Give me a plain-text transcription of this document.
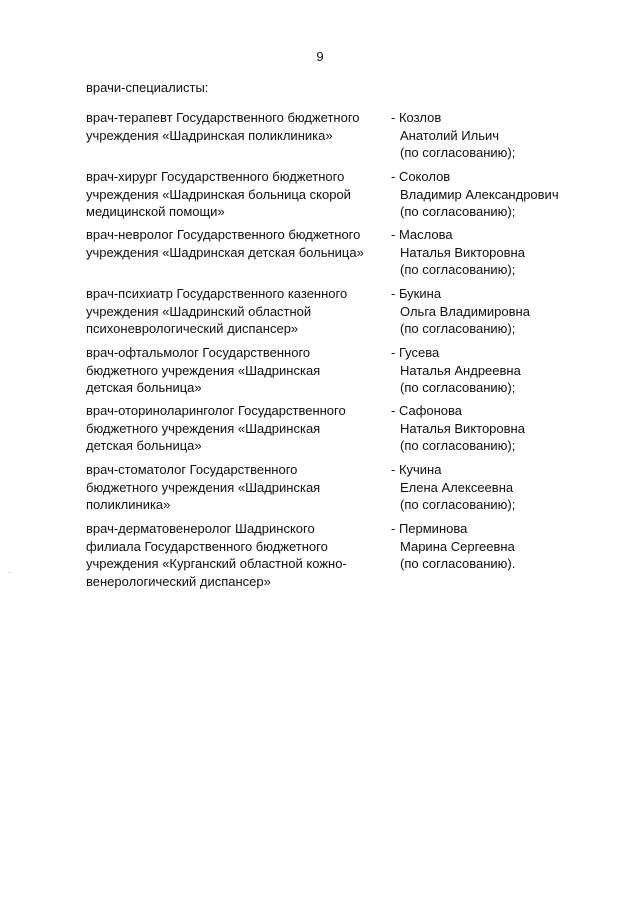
9
врачи-специалисты:
врач-терапевт Государственного бюджетного
учреждения «Шадринская поликлиника»
- Козлов
Анатолий Ильич
(по согласованию);
врач-хирург Государственного бюджетного
учреждения «Шадринская больница скорой
медицинской помощи»
- Соколов
Владимир Александрович
(по согласованию);
врач-невролог Государственного бюджетного
учреждения «Шадринская детская больница»
- Маслова
Наталья Викторовна
(по согласованию);
врач-психиатр Государственного казенного
учреждения «Шадринский областной
психоневрологический диспансер»
- Букина
Ольга Владимировна
(по согласованию);
врач-офтальмолог Государственного
бюджетного учреждения «Шадринская
детская больница»
- Гусева
Наталья Андреевна
(по согласованию);
врач-оториноларинголог Государственного
бюджетного учреждения «Шадринская
детская больница»
- Сафонова
Наталья Викторовна
(по согласованию);
врач-стоматолог Государственного
бюджетного учреждения «Шадринская
поликлиника»
- Кучина
Елена Алексеевна
(по согласованию);
врач-дерматовенеролог Шадринского
филиала Государственного бюджетного
учреждения «Курганский областной кожно-
венерологический диспансер»
- Перминова
Марина Сергеевна
(по согласованию).
